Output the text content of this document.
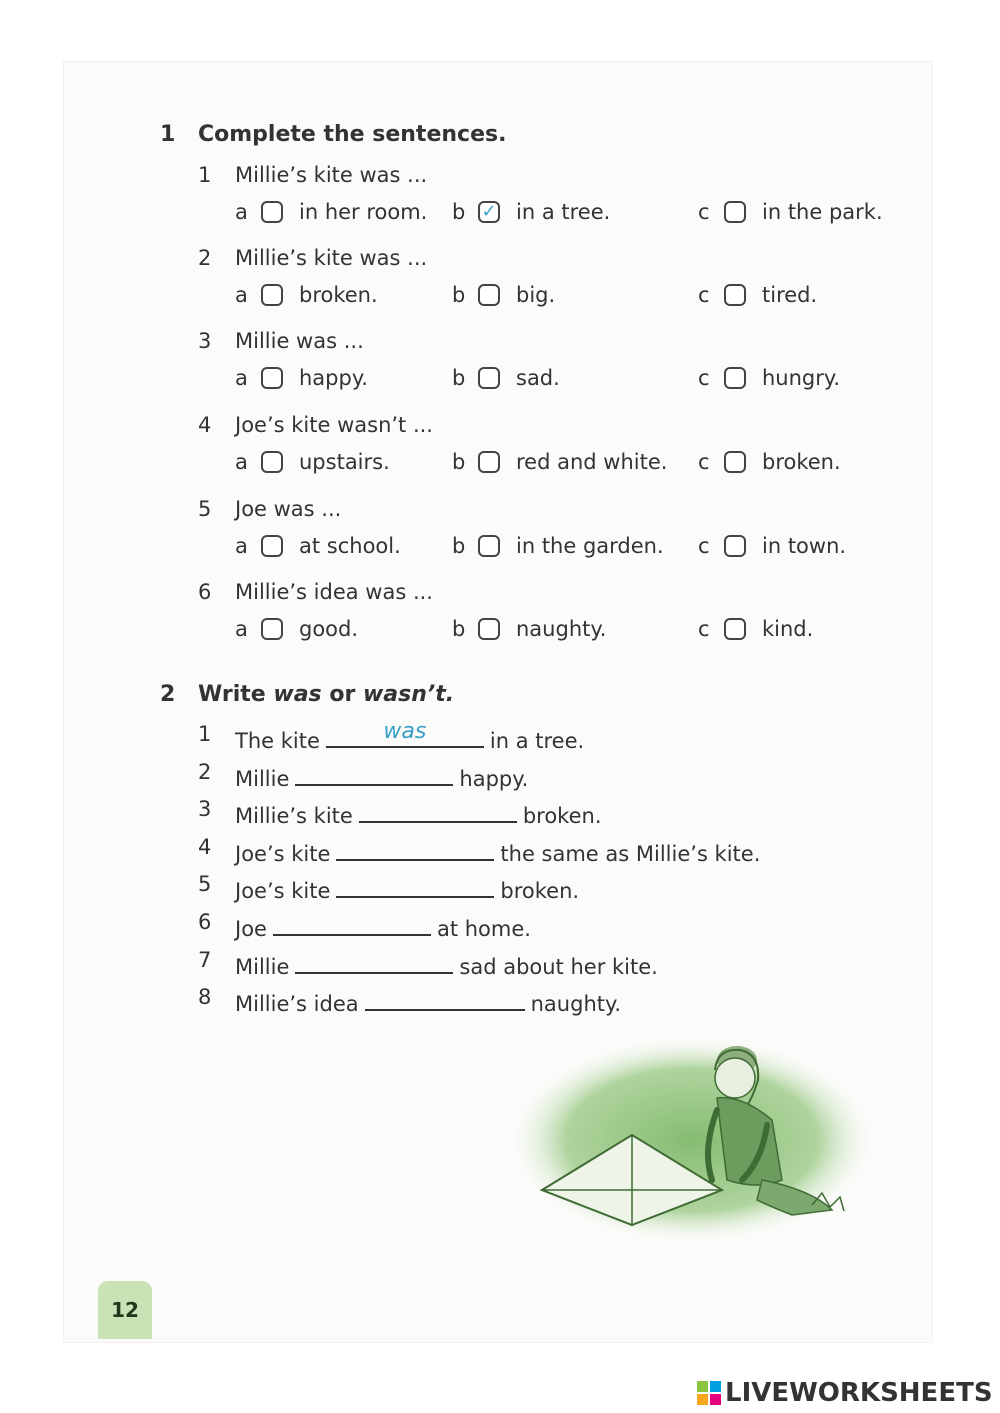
1 Complete the sentences.
1 Millie’s kite was ...
a	in her room. b ✓ in a tree.	c	in the park.
2 Millie’s kite was ...
a	broken.	b	big.	c	tired.
3 Millie was ...
a	happy.	b	sad.	c	hungry.
4 Joe’s kite wasn’t ...
a	upstairs.	b	red and white. c	broken.
5 Joe was ...
a	at school. b	in the garden. c	in town.
6 Millie’s idea was ...
a	good.	b	naughty.	c	kind.
2 Write was or wasn’t.
1 The kite	was	in a tree.
2 Millie	happy.
3 Millie’s kite	broken.
4 Joe’s kite	the same as Millie’s kite.
5 Joe’s kite	broken.
6 Joe	at home.
7 Millie	sad about her kite.
8 Millie’s idea	naughty.
12
LIVEWORKSHEETS
